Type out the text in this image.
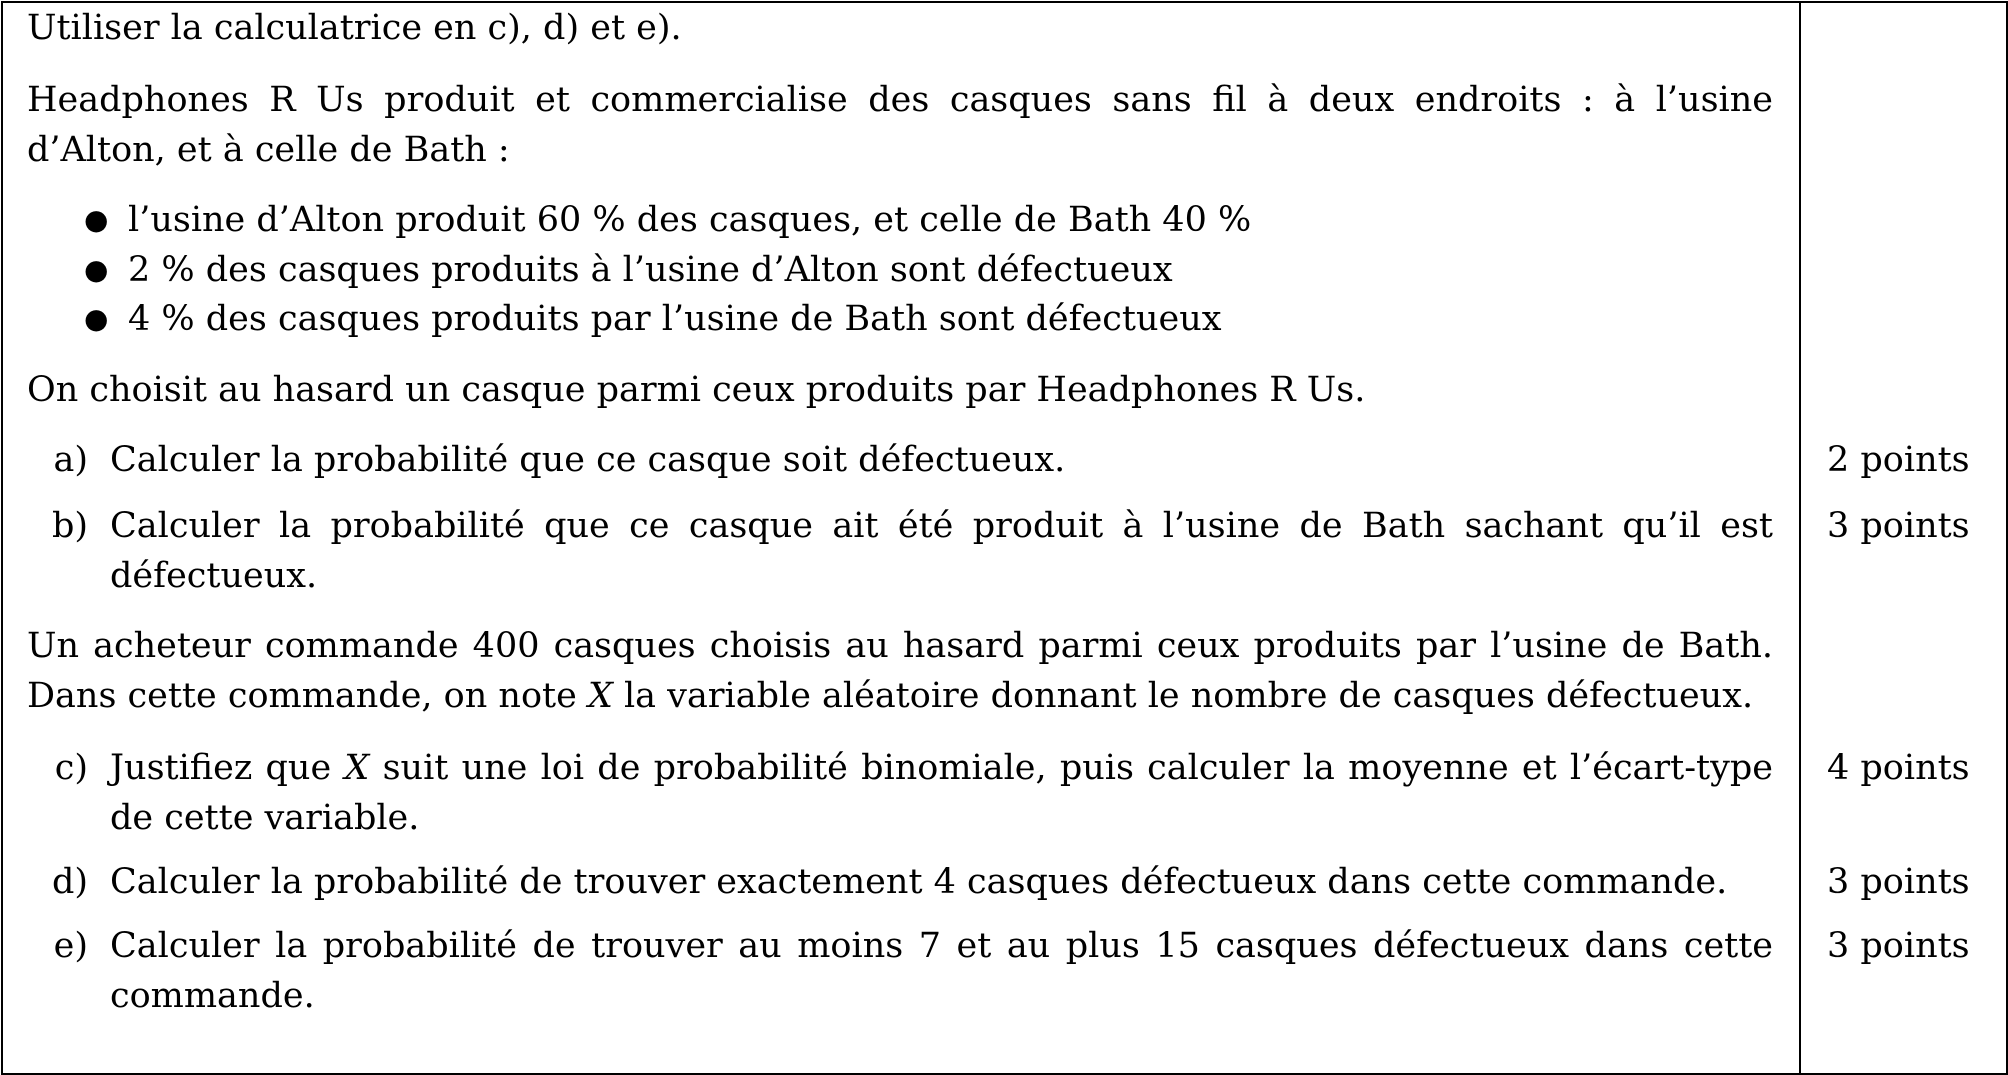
Utiliser la calculatrice en c), d) et e).
Headphones R Us produit et commercialise des casques sans fil à deux endroits : à l’usine d’Alton, et à celle de Bath :
● l’usine d’Alton produit 60 % des casques, et celle de Bath 40 %
● 2 % des casques produits à l’usine d’Alton sont défectueux
● 4 % des casques produits par l’usine de Bath sont défectueux
On choisit au hasard un casque parmi ceux produits par Headphones R Us.
a) Calculer la probabilité que ce casque soit défectueux.	2 points
b) Calculer la probabilité que ce casque ait été produit à l’usine de Bath sachant qu’il est défectueux.
3 points
Un acheteur commande 400 casques choisis au hasard parmi ceux produits par l’usine de Bath. Dans cette commande, on note X la variable aléatoire donnant le nombre de casques défectueux.
c) Justifiez que X suit une loi de probabilité binomiale, puis calculer la moyenne et l’écart-type de cette variable.
4 points
d) Calculer la probabilité de trouver exactement 4 casques défectueux dans cette commande.	3 points
e) Calculer la probabilité de trouver au moins 7 et au plus 15 casques défectueux dans cette commande.
3 points
